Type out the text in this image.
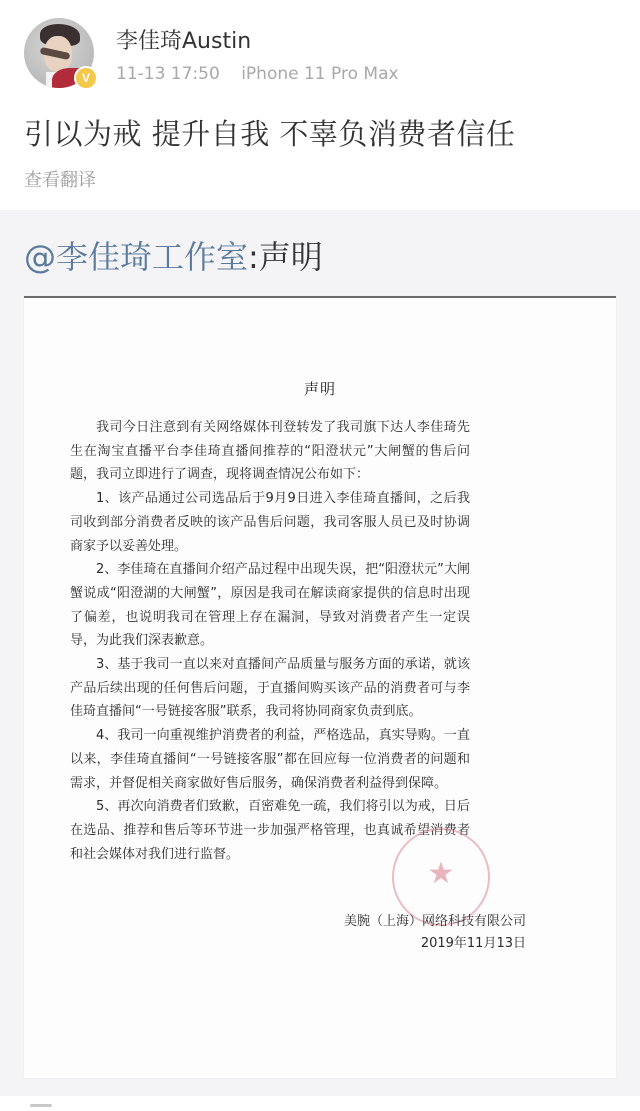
V
李佳琦Austin
11-13 17:50 iPhone 11 Pro Max
引以为戒 提升自我 不辜负消费者信任
查看翻译
@李佳琦工作室:声明
声明

我司今日注意到有关网络媒体刊登转发了我司旗下达人李佳琦先生在淘宝直播平台李佳琦直播间推荐的“阳澄状元”大闸蟹的售后问题，我司立即进行了调查，现将调查情况公布如下：

1、该产品通过公司选品后于9月9日进入李佳琦直播间，之后我司收到部分消费者反映的该产品售后问题，我司客服人员已及时协调商家予以妥善处理。

2、李佳琦在直播间介绍产品过程中出现失误，把“阳澄状元”大闸蟹说成“阳澄湖的大闸蟹”，原因是我司在解读商家提供的信息时出现了偏差，也说明我司在管理上存在漏洞，导致对消费者产生一定误导，为此我们深表歉意。

3、基于我司一直以来对直播间产品质量与服务方面的承诺，就该产品后续出现的任何售后问题，于直播间购买该产品的消费者可与李佳琦直播间“一号链接客服”联系，我司将协同商家负责到底。

4、我司一向重视维护消费者的利益，严格选品，真实导购。一直以来，李佳琦直播间“一号链接客服”都在回应每一位消费者的问题和需求，并督促相关商家做好售后服务，确保消费者利益得到保障。

5、再次向消费者们致歉，百密难免一疏，我们将引以为戒，日后在选品、推荐和售后等环节进一步加强严格管理，也真诚希望消费者和社会媒体对我们进行监督。

★
美腕（上海）网络科技有限公司
2019年11月13日
